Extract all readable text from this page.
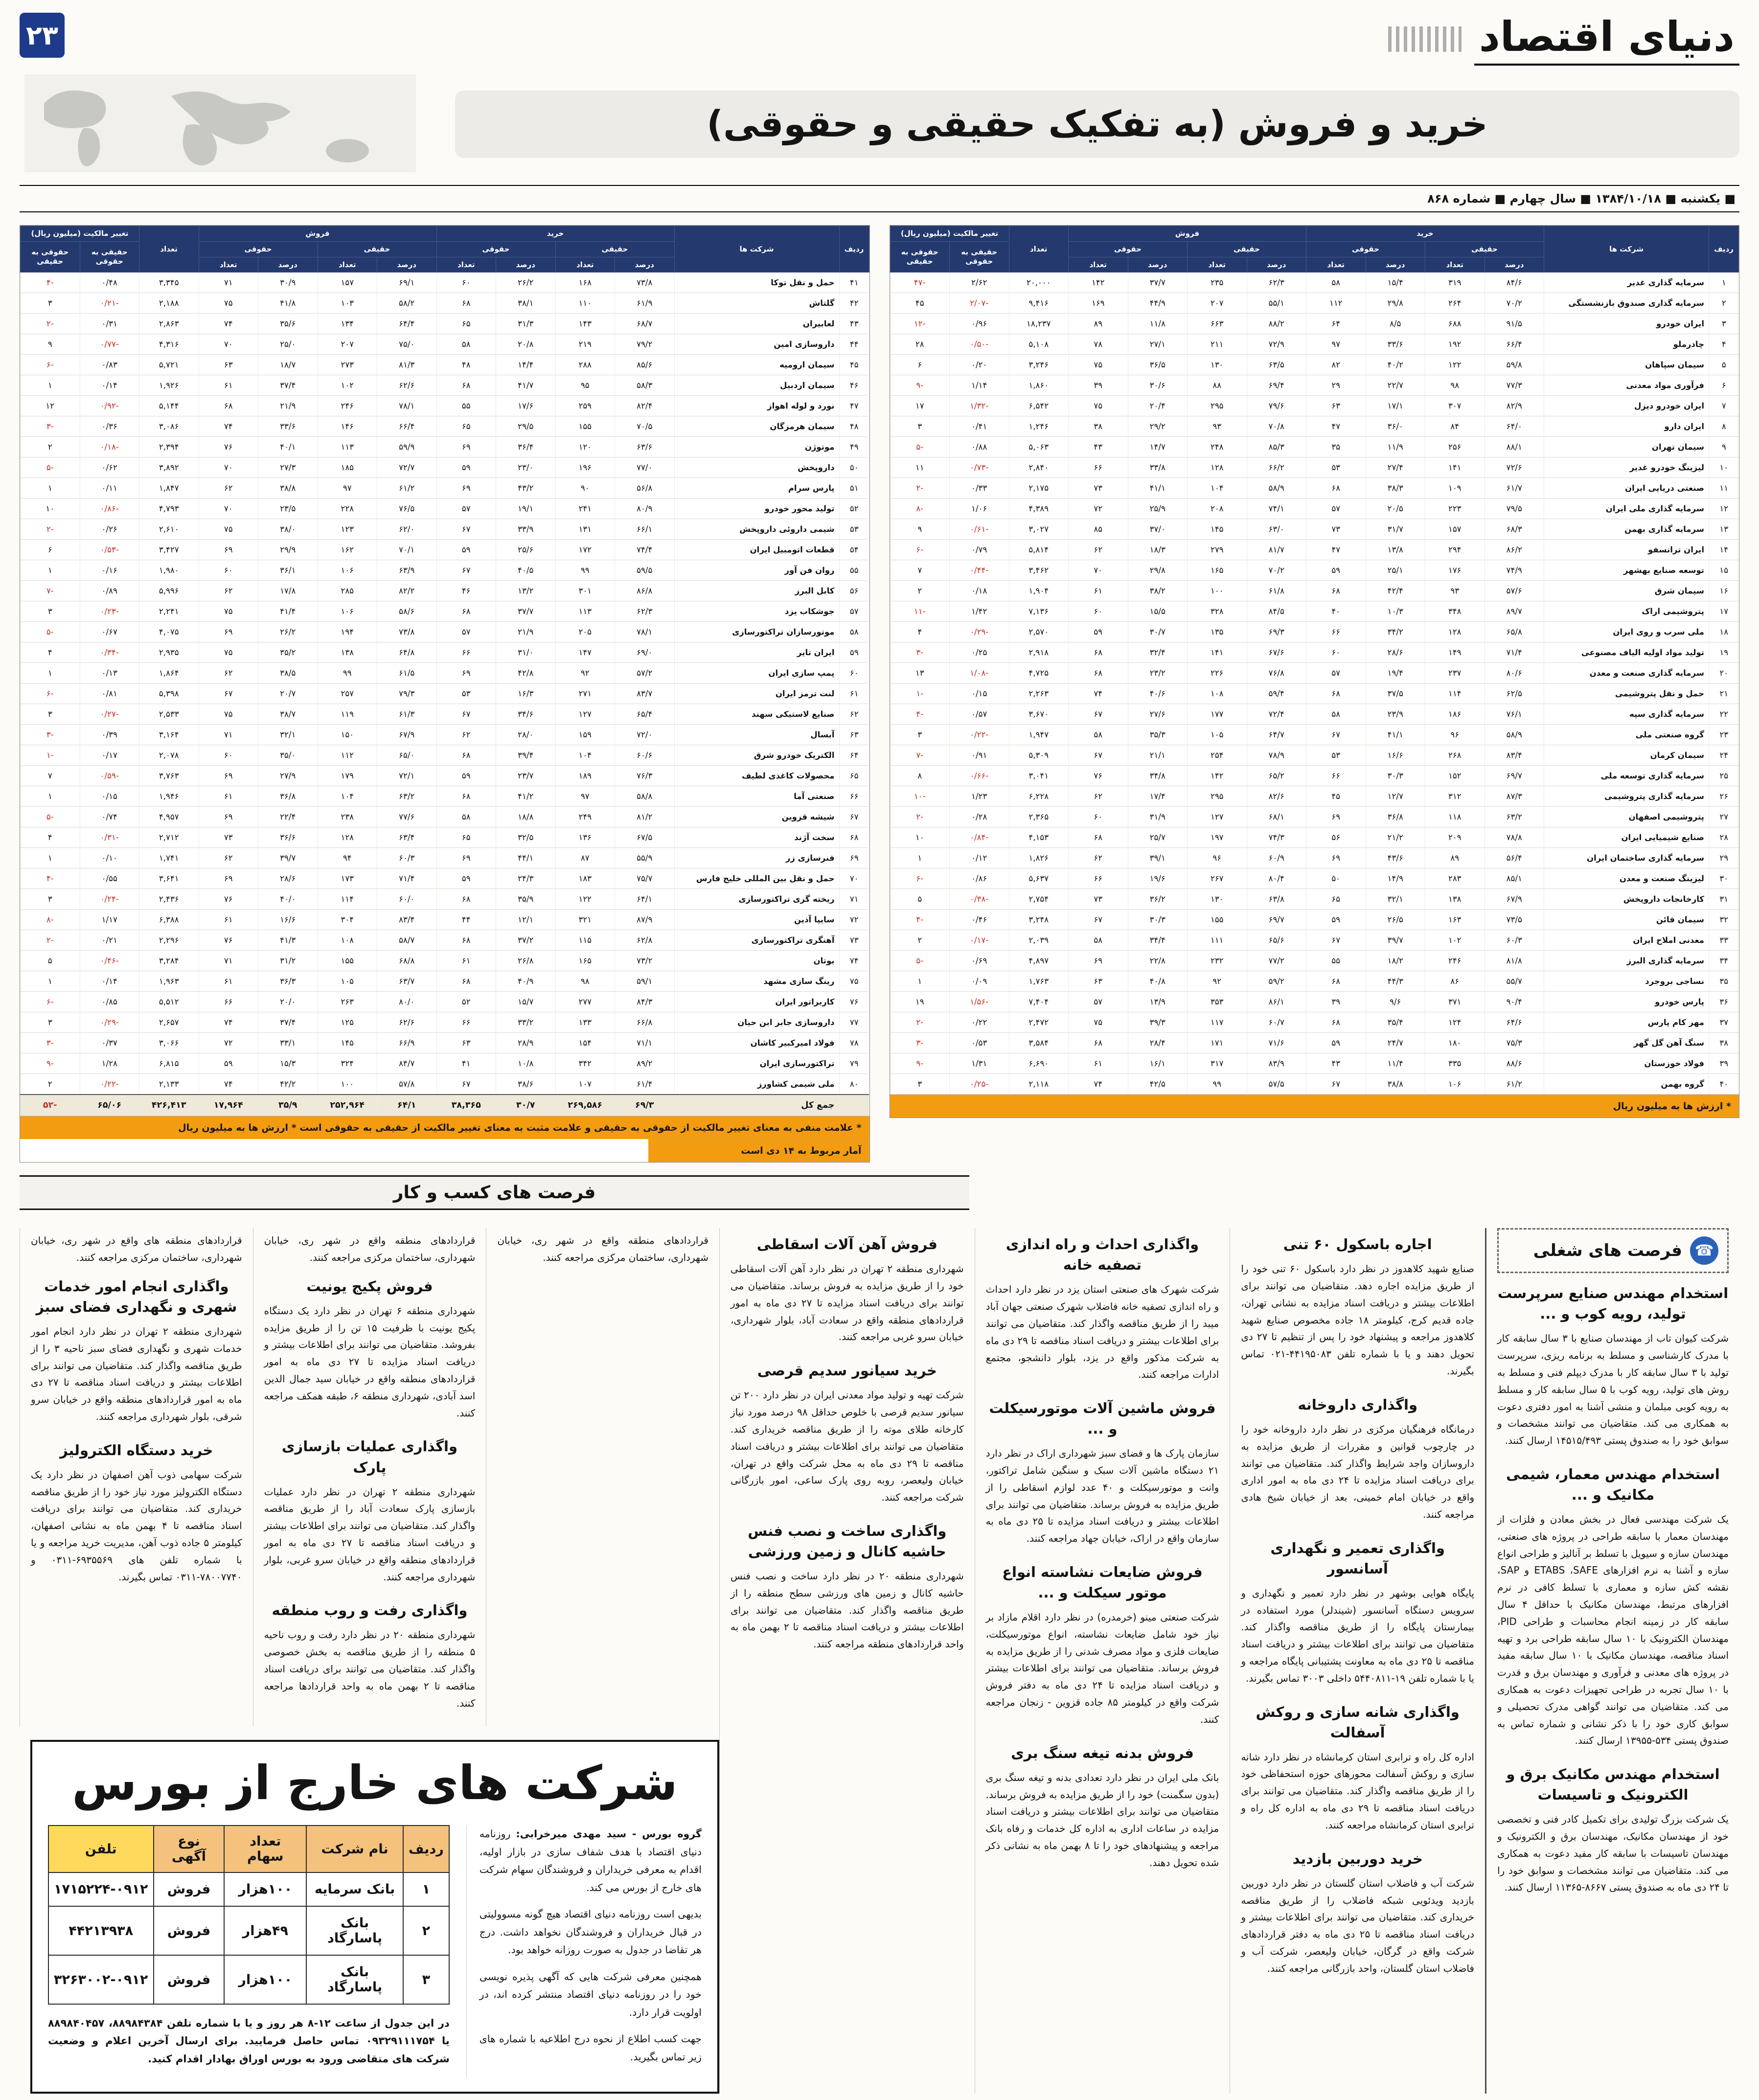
دنیای اقتصاد
۲۳
خرید و فروش (به تفکیک حقیقی و حقوقی)
■ یکشنبه ■ ۱۳۸۴/۱۰/۱۸ ■ سال چهارم ■ شماره ۸۶۸
ردیف	شرکت ها	خرید				فروش				تعداد	تغییر مالکیت (میلیون ریال)	
		حقیقی		حقوقی		حقیقی		حقوقی			حقیقی به حقوقی	حقوقی به حقیقی
		درصد	تعداد	درصد	تعداد	درصد	تعداد	درصد	تعداد			
۱	سرمایه گذاری غدیر	۸۴/۶	۳۱۹	۱۵/۴	۵۸	۶۲/۳	۲۳۵	۳۷/۷	۱۴۲	۲۰,۰۰۰	۲/۶۲	-۴۷
۲	سرمایه گذاری صندوق بازنشستگی	۷۰/۲	۲۶۴	۲۹/۸	۱۱۲	۵۵/۱	۲۰۷	۴۴/۹	۱۶۹	۹,۴۱۶	-۲/۰۷	۴۵
۳	ایران خودرو	۹۱/۵	۶۸۸	۸/۵	۶۴	۸۸/۲	۶۶۳	۱۱/۸	۸۹	۱۸,۲۳۷	۰/۹۶	-۱۲
۴	چادرملو	۶۶/۴	۱۹۲	۳۳/۶	۹۷	۷۲/۹	۲۱۱	۲۷/۱	۷۸	۵,۱۰۸	-۰/۵۰	۲۸
۵	سیمان سپاهان	۵۹/۸	۱۲۲	۴۰/۲	۸۲	۶۳/۵	۱۳۰	۳۶/۵	۷۵	۳,۲۴۶	۰/۲۰	۶
۶	فرآوری مواد معدنی	۷۷/۳	۹۸	۲۲/۷	۲۹	۶۹/۴	۸۸	۳۰/۶	۳۹	۱,۸۶۰	۱/۱۴	-۹
۷	ایران خودرو دیزل	۸۲/۹	۳۰۷	۱۷/۱	۶۳	۷۹/۶	۲۹۵	۲۰/۴	۷۵	۶,۵۴۲	-۱/۳۲	۱۷
۸	ایران دارو	۶۴/۰	۸۴	۳۶/۰	۴۷	۷۰/۸	۹۳	۲۹/۲	۳۸	۱,۲۴۶	۰/۴۱	۳
۹	سیمان تهران	۸۸/۱	۲۵۶	۱۱/۹	۳۵	۸۵/۳	۲۴۸	۱۴/۷	۴۳	۵,۰۶۳	۰/۸۸	-۵
۱۰	لیزینگ خودرو غدیر	۷۲/۶	۱۴۱	۲۷/۴	۵۳	۶۶/۲	۱۲۸	۳۳/۸	۶۶	۲,۸۴۰	-۰/۷۳	۱۱
۱۱	صنعتی دریایی ایران	۶۱/۷	۱۰۹	۳۸/۳	۶۸	۵۸/۹	۱۰۴	۴۱/۱	۷۳	۲,۱۷۵	۰/۳۳	-۲
۱۲	سرمایه گذاری ملی ایران	۷۹/۵	۲۲۳	۲۰/۵	۵۷	۷۴/۱	۲۰۸	۲۵/۹	۷۲	۴,۳۸۹	۱/۰۶	-۸
۱۳	سرمایه گذاری بهمن	۶۸/۳	۱۵۷	۳۱/۷	۷۳	۶۳/۰	۱۴۵	۳۷/۰	۸۵	۳,۰۲۷	-۰/۶۱	۹
۱۴	ایران ترانسفو	۸۶/۲	۲۹۴	۱۳/۸	۴۷	۸۱/۷	۲۷۹	۱۸/۳	۶۲	۵,۸۱۴	۰/۷۹	-۶
۱۵	توسعه صنایع بهشهر	۷۴/۹	۱۷۶	۲۵/۱	۵۹	۷۰/۲	۱۶۵	۲۹/۸	۷۰	۳,۴۶۲	-۰/۴۴	۷
۱۶	سیمان شرق	۵۷/۶	۹۳	۴۲/۴	۶۸	۶۱/۸	۱۰۰	۳۸/۲	۶۱	۱,۹۰۴	۰/۱۸	۲
۱۷	پتروشیمی اراک	۸۹/۷	۳۴۸	۱۰/۳	۴۰	۸۴/۵	۳۲۸	۱۵/۵	۶۰	۷,۱۳۶	۱/۴۲	-۱۱
۱۸	ملی سرب و روی ایران	۶۵/۸	۱۲۸	۳۴/۲	۶۶	۶۹/۳	۱۳۵	۳۰/۷	۵۹	۲,۵۷۰	-۰/۲۹	۴
۱۹	تولید مواد اولیه الیاف مصنوعی	۷۱/۴	۱۴۹	۲۸/۶	۶۰	۶۷/۶	۱۴۱	۳۲/۴	۶۸	۲,۹۱۸	۰/۲۵	-۳
۲۰	سرمایه گذاری صنعت و معدن	۸۰/۶	۲۳۷	۱۹/۴	۵۷	۷۶/۸	۲۲۶	۲۳/۲	۶۸	۴,۷۲۵	-۱/۰۸	۱۳
۲۱	حمل و نقل پتروشیمی	۶۲/۵	۱۱۴	۳۷/۵	۶۸	۵۹/۴	۱۰۸	۴۰/۶	۷۴	۲,۲۶۳	۰/۱۵	-۱
۲۲	سرمایه گذاری سپه	۷۶/۱	۱۸۶	۲۳/۹	۵۸	۷۲/۴	۱۷۷	۲۷/۶	۶۷	۳,۶۷۰	۰/۵۷	-۴
۲۳	گروه صنعتی ملی	۵۸/۹	۹۶	۴۱/۱	۶۷	۶۴/۷	۱۰۵	۳۵/۳	۵۸	۱,۹۴۷	-۰/۲۲	۳
۲۴	سیمان کرمان	۸۳/۴	۲۶۸	۱۶/۶	۵۳	۷۸/۹	۲۵۴	۲۱/۱	۶۷	۵,۳۰۹	۰/۹۱	-۷
۲۵	سرمایه گذاری توسعه ملی	۶۹/۷	۱۵۲	۳۰/۳	۶۶	۶۵/۲	۱۴۲	۳۴/۸	۷۶	۳,۰۴۱	-۰/۶۶	۸
۲۶	سرمایه گذاری پتروشیمی	۸۷/۳	۳۱۲	۱۲/۷	۴۵	۸۲/۶	۲۹۵	۱۷/۴	۶۲	۶,۲۲۸	۱/۲۳	-۱۰
۲۷	پتروشیمی اصفهان	۶۳/۲	۱۱۸	۳۶/۸	۶۹	۶۸/۱	۱۲۷	۳۱/۹	۶۰	۲,۳۶۵	۰/۲۸	-۲
۲۸	صنایع شیمیایی ایران	۷۸/۸	۲۰۹	۲۱/۲	۵۶	۷۴/۳	۱۹۷	۲۵/۷	۶۸	۴,۱۵۳	-۰/۸۴	۱۰
۲۹	سرمایه گذاری ساختمان ایران	۵۶/۴	۸۹	۴۳/۶	۶۹	۶۰/۹	۹۶	۳۹/۱	۶۲	۱,۸۲۶	۰/۱۲	۱
۳۰	لیزینگ صنعت و معدن	۸۵/۱	۲۸۳	۱۴/۹	۵۰	۸۰/۴	۲۶۷	۱۹/۶	۶۶	۵,۶۳۷	۰/۸۶	-۶
۳۱	کارخانجات داروپخش	۶۷/۹	۱۳۸	۳۲/۱	۶۵	۶۳/۸	۱۳۰	۳۶/۲	۷۳	۲,۷۵۴	-۰/۳۸	۵
۳۲	سیمان قائن	۷۳/۵	۱۶۳	۲۶/۵	۵۹	۶۹/۷	۱۵۵	۳۰/۳	۶۷	۳,۲۴۸	۰/۴۶	-۴
۳۳	معدنی املاح ایران	۶۰/۳	۱۰۲	۳۹/۷	۶۷	۶۵/۶	۱۱۱	۳۴/۴	۵۸	۲,۰۳۹	-۰/۱۷	۲
۳۴	سرمایه گذاری البرز	۸۱/۸	۲۴۶	۱۸/۲	۵۵	۷۷/۲	۲۳۲	۲۲/۸	۶۹	۴,۸۹۷	۰/۶۹	-۵
۳۵	نساجی بروجرد	۵۵/۷	۸۶	۴۴/۳	۶۸	۵۹/۲	۹۲	۴۰/۸	۶۳	۱,۷۶۳	۰/۰۹	۱
۳۶	پارس خودرو	۹۰/۴	۳۷۱	۹/۶	۳۹	۸۶/۱	۳۵۳	۱۳/۹	۵۷	۷,۴۰۴	-۱/۵۶	۱۹
۳۷	مهر کام پارس	۶۴/۶	۱۲۴	۳۵/۴	۶۸	۶۰/۷	۱۱۷	۳۹/۳	۷۵	۲,۴۷۲	۰/۲۲	-۲
۳۸	سنگ آهن گل گهر	۷۵/۳	۱۸۰	۲۴/۷	۵۹	۷۱/۶	۱۷۱	۲۸/۴	۶۸	۳,۵۸۴	۰/۵۳	-۳
۳۹	فولاد خوزستان	۸۸/۶	۳۳۵	۱۱/۴	۴۳	۸۳/۹	۳۱۷	۱۶/۱	۶۱	۶,۶۹۰	۱/۳۱	-۹
۴۰	گروه بهمن	۶۱/۲	۱۰۶	۳۸/۸	۶۷	۵۷/۵	۹۹	۴۲/۵	۷۴	۲,۱۱۸	-۰/۲۵	۳
* ارزش ها به میلیون ریال
ردیف	شرکت ها	خرید				فروش				تعداد	تغییر مالکیت (میلیون ریال)	
		حقیقی		حقوقی		حقیقی		حقوقی			حقیقی به حقوقی	حقوقی به حقیقی
		درصد	تعداد	درصد	تعداد	درصد	تعداد	درصد	تعداد			
۴۱	حمل و نقل توکا	۷۳/۸	۱۶۸	۲۶/۲	۶۰	۶۹/۱	۱۵۷	۳۰/۹	۷۱	۳,۳۴۵	۰/۴۸	-۴
۴۲	گلتاش	۶۱/۹	۱۱۰	۳۸/۱	۶۸	۵۸/۲	۱۰۳	۴۱/۸	۷۵	۲,۱۸۸	-۰/۲۱	۳
۴۳	لعابیران	۶۸/۷	۱۴۳	۳۱/۳	۶۵	۶۴/۴	۱۳۴	۳۵/۶	۷۴	۲,۸۶۳	۰/۳۱	-۲
۴۴	داروسازی امین	۷۹/۲	۲۱۹	۲۰/۸	۵۸	۷۵/۰	۲۰۷	۲۵/۰	۷۰	۴,۳۱۶	-۰/۷۷	۹
۴۵	سیمان ارومیه	۸۵/۶	۲۸۸	۱۴/۴	۴۸	۸۱/۳	۲۷۳	۱۸/۷	۶۳	۵,۷۲۱	۰/۸۳	-۶
۴۶	سیمان اردبیل	۵۸/۳	۹۵	۴۱/۷	۶۸	۶۲/۶	۱۰۲	۳۷/۴	۶۱	۱,۹۲۶	۰/۱۴	۱
۴۷	نورد و لوله اهواز	۸۲/۴	۲۵۹	۱۷/۶	۵۵	۷۸/۱	۲۴۶	۲۱/۹	۶۸	۵,۱۴۴	-۰/۹۲	۱۲
۴۸	سیمان هرمزگان	۷۰/۵	۱۵۵	۲۹/۵	۶۵	۶۶/۴	۱۴۶	۳۳/۶	۷۴	۳,۰۸۶	۰/۳۶	-۳
۴۹	موتوژن	۶۳/۶	۱۲۰	۳۶/۴	۶۹	۵۹/۹	۱۱۳	۴۰/۱	۷۶	۲,۳۹۴	-۰/۱۸	۲
۵۰	داروپخش	۷۷/۰	۱۹۶	۲۳/۰	۵۹	۷۲/۷	۱۸۵	۲۷/۳	۷۰	۳,۸۹۲	۰/۶۲	-۵
۵۱	پارس سرام	۵۶/۸	۹۰	۴۳/۲	۶۹	۶۱/۲	۹۷	۳۸/۸	۶۲	۱,۸۴۷	۰/۱۱	۱
۵۲	تولید محور خودرو	۸۰/۹	۲۴۱	۱۹/۱	۵۷	۷۶/۵	۲۲۸	۲۳/۵	۷۰	۴,۷۹۳	-۰/۸۶	۱۰
۵۳	شیمی داروئی داروپخش	۶۶/۱	۱۳۱	۳۳/۹	۶۷	۶۲/۰	۱۲۳	۳۸/۰	۷۵	۲,۶۱۰	۰/۲۶	-۲
۵۴	قطعات اتومبیل ایران	۷۴/۴	۱۷۲	۲۵/۶	۵۹	۷۰/۱	۱۶۲	۲۹/۹	۶۹	۳,۴۲۷	-۰/۵۳	۶
۵۵	روان فن آور	۵۹/۵	۹۹	۴۰/۵	۶۷	۶۳/۹	۱۰۶	۳۶/۱	۶۰	۱,۹۸۰	۰/۱۶	۱
۵۶	کابل البرز	۸۶/۸	۳۰۱	۱۳/۲	۴۶	۸۲/۲	۲۸۵	۱۷/۸	۶۲	۵,۹۹۶	۰/۸۹	-۷
۵۷	جوشکاب یزد	۶۲/۳	۱۱۳	۳۷/۷	۶۸	۵۸/۶	۱۰۶	۴۱/۴	۷۵	۲,۲۴۱	-۰/۲۳	۳
۵۸	موتورسازان تراکتورسازی	۷۸/۱	۲۰۵	۲۱/۹	۵۷	۷۳/۸	۱۹۴	۲۶/۲	۶۹	۴,۰۷۵	۰/۶۷	-۵
۵۹	ایران تایر	۶۹/۰	۱۴۷	۳۱/۰	۶۶	۶۴/۸	۱۳۸	۳۵/۲	۷۵	۲,۹۳۵	-۰/۳۴	۴
۶۰	پمپ سازی ایران	۵۷/۲	۹۲	۴۲/۸	۶۹	۶۱/۵	۹۹	۳۸/۵	۶۲	۱,۸۶۴	۰/۱۳	۱
۶۱	لنت ترمز ایران	۸۳/۷	۲۷۱	۱۶/۳	۵۳	۷۹/۳	۲۵۷	۲۰/۷	۶۷	۵,۳۹۸	۰/۸۱	-۶
۶۲	صنایع لاستیکی سهند	۶۵/۴	۱۲۷	۳۴/۶	۶۷	۶۱/۳	۱۱۹	۳۸/۷	۷۵	۲,۵۳۳	-۰/۲۷	۳
۶۳	آبسال	۷۲/۰	۱۵۹	۲۸/۰	۶۲	۶۷/۹	۱۵۰	۳۲/۱	۷۱	۳,۱۶۴	۰/۳۹	-۳
۶۴	الکتریک خودرو شرق	۶۰/۶	۱۰۴	۳۹/۴	۶۸	۶۵/۰	۱۱۲	۳۵/۰	۶۰	۲,۰۷۸	۰/۱۷	-۱
۶۵	محصولات کاغذی لطیف	۷۶/۳	۱۸۹	۲۳/۷	۵۹	۷۲/۱	۱۷۹	۲۷/۹	۶۹	۳,۷۶۳	-۰/۵۹	۷
۶۶	صنعتی آما	۵۸/۸	۹۷	۴۱/۲	۶۸	۶۳/۲	۱۰۴	۳۶/۸	۶۱	۱,۹۴۶	۰/۱۵	۱
۶۷	شیشه قزوین	۸۱/۲	۲۴۹	۱۸/۸	۵۸	۷۷/۶	۲۳۸	۲۲/۴	۶۹	۴,۹۵۷	۰/۷۴	-۵
۶۸	سخت آژند	۶۷/۵	۱۳۶	۳۲/۵	۶۵	۶۳/۴	۱۲۸	۳۶/۶	۷۳	۲,۷۱۲	-۰/۳۱	۴
۶۹	فنرسازی زر	۵۵/۹	۸۷	۴۴/۱	۶۹	۶۰/۳	۹۴	۳۹/۷	۶۲	۱,۷۴۱	۰/۱۰	۱
۷۰	حمل و نقل بین المللی خلیج فارس	۷۵/۷	۱۸۳	۲۴/۳	۵۹	۷۱/۴	۱۷۳	۲۸/۶	۶۹	۳,۶۴۱	۰/۵۵	-۴
۷۱	ریخته گری تراکتورسازی	۶۴/۱	۱۲۲	۳۵/۹	۶۸	۶۰/۰	۱۱۴	۴۰/۰	۷۶	۲,۴۳۶	-۰/۲۴	۳
۷۲	سایپا آذین	۸۷/۹	۳۲۱	۱۲/۱	۴۴	۸۳/۴	۳۰۴	۱۶/۶	۶۱	۶,۳۸۸	۱/۱۷	-۸
۷۳	آهنگری تراکتورسازی	۶۲/۸	۱۱۵	۳۷/۲	۶۸	۵۸/۷	۱۰۸	۴۱/۳	۷۶	۲,۲۹۶	۰/۲۱	-۲
۷۴	بوتان	۷۳/۲	۱۶۵	۲۶/۸	۶۱	۶۸/۸	۱۵۵	۳۱/۲	۷۱	۳,۲۸۴	-۰/۴۶	۵
۷۵	رینگ سازی مشهد	۵۹/۱	۹۸	۴۰/۹	۶۸	۶۳/۷	۱۰۵	۳۶/۳	۶۱	۱,۹۶۳	۰/۱۴	۱
۷۶	کاربراتور ایران	۸۴/۳	۲۷۷	۱۵/۷	۵۲	۸۰/۰	۲۶۳	۲۰/۰	۶۶	۵,۵۱۲	۰/۸۵	-۶
۷۷	داروسازی جابر ابن حیان	۶۶/۸	۱۳۳	۳۳/۲	۶۶	۶۲/۶	۱۲۵	۳۷/۴	۷۴	۲,۶۵۷	-۰/۲۹	۳
۷۸	فولاد امیرکبیر کاشان	۷۱/۱	۱۵۴	۲۸/۹	۶۳	۶۶/۹	۱۴۵	۳۳/۱	۷۲	۳,۰۶۶	۰/۳۷	-۳
۷۹	تراکتورسازی ایران	۸۹/۲	۳۴۲	۱۰/۸	۴۱	۸۴/۷	۳۲۴	۱۵/۳	۵۹	۶,۸۱۵	۱/۲۸	-۹
۸۰	ملی شیمی کشاورز	۶۱/۴	۱۰۷	۳۸/۶	۶۷	۵۷/۸	۱۰۰	۴۲/۲	۷۴	۲,۱۳۳	-۰/۲۲	۲
	جمع کل	۶۹/۳	۲۶۹,۵۸۶	۳۰/۷	۳۸,۳۶۵	۶۴/۱	۲۵۲,۹۶۴	۳۵/۹	۱۷,۹۶۴	۴۲۶,۴۱۳	۶۵/۰۶	-۵۲
* علامت منفی به معنای تغییر مالکیت از حقوقی به حقیقی و علامت مثبت به معنای تغییر مالکیت از حقیقی به حقوقی است * ارزش ها به میلیون ریال
آمار مربوط به ۱۴ دی است
فرصت های کسب و کار
☎
فرصت های شغلی
استخدام مهندس صنایع سرپرست تولید، رویه کوب و ...

شرکت کیوان تاب از مهندسان صنایع با ۳ سال سابقه کار با مدرک کارشناسی و مسلط به برنامه ریزی، سرپرست تولید با ۳ سال سابقه کار با مدرک دیپلم فنی و مسلط به روش های تولید، رویه کوب با ۵ سال سابقه کار و مسلط به رویه کوبی مبلمان و منشی آشنا به امور دفتری دعوت به همکاری می کند. متقاضیان می توانند مشخصات و سوابق خود را به صندوق پستی ۱۴۵۱۵/۴۹۳ ارسال کنند.

استخدام مهندس معمار، شیمی مکانیک و ...

یک شرکت مهندسی فعال در بخش معادن و فلزات از مهندسان معمار با سابقه طراحی در پروژه های صنعتی، مهندسان سازه و سیویل با تسلط بر آنالیز و طراحی انواع سازه و آشنا به نرم افزارهای ETABS ،SAFE و SAP، نقشه کش سازه و معماری با تسلط کافی در نرم افزارهای مرتبط، مهندسان مکانیک با حداقل ۴ سال سابقه کار در زمینه انجام محاسبات و طراحی PID، مهندسان الکترونیک با ۱۰ سال سابقه طراحی برد و تهیه اسناد مناقصه، مهندسان مکانیک با ۱۰ سال سابقه مفید در پروژه های معدنی و فرآوری و مهندسان برق و قدرت با ۱۰ سال تجربه در طراحی تجهیزات دعوت به همکاری می کند. متقاضیان می توانند گواهی مدرک تحصیلی و سوابق کاری خود را با ذکر نشانی و شماره تماس به صندوق پستی ۵۳۴-۱۳۹۵۵ ارسال کنند.

استخدام مهندس مکانیک برق و الکترونیک و تاسیسات

یک شرکت بزرگ تولیدی برای تکمیل کادر فنی و تخصصی خود از مهندسان مکانیک، مهندسان برق و الکترونیک و مهندسان تاسیسات با سابقه کار مفید دعوت به همکاری می کند. متقاضیان می توانند مشخصات و سوابق خود را تا ۲۴ دی ماه به صندوق پستی ۸۶۶۷-۱۱۳۶۵ ارسال کنند.

اجاره باسکول ۶۰ تنی

صنایع شهید کلاهدوز در نظر دارد باسکول ۶۰ تنی خود را از طریق مزایده اجاره دهد. متقاضیان می توانند برای اطلاعات بیشتر و دریافت اسناد مزایده به نشانی تهران، جاده قدیم کرج، کیلومتر ۱۸ جاده مخصوص صنایع شهید کلاهدوز مراجعه و پیشنهاد خود را پس از تنظیم تا ۲۷ دی تحویل دهند و یا با شماره تلفن ۴۴۱۹۵۰۸۳-۰۲۱ تماس بگیرند.

واگذاری داروخانه

درمانگاه فرهنگیان مرکزی در نظر دارد داروخانه خود را در چارچوب قوانین و مقررات از طریق مزایده به داروسازان واجد شرایط واگذار کند. متقاضیان می توانند برای دریافت اسناد مزایده تا ۲۴ دی ماه به امور اداری واقع در خیابان امام خمینی، بعد از خیابان شیخ هادی مراجعه کنند.

واگذاری تعمیر و نگهداری آسانسور

پایگاه هوایی بوشهر در نظر دارد تعمیر و نگهداری و سرویس دستگاه آسانسور (شیندلر) مورد استفاده در بیمارستان پایگاه را از طریق مناقصه واگذار کند. متقاضیان می توانند برای اطلاعات بیشتر و دریافت اسناد مناقصه تا ۲۵ دی ماه به معاونت پشتیبانی پایگاه مراجعه و یا با شماره تلفن ۱۹-۵۴۴۰۸۱۱ داخلی ۳۰۰۳ تماس بگیرند.

واگذاری شانه سازی و روکش آسفالت

اداره کل راه و ترابری استان کرمانشاه در نظر دارد شانه سازی و روکش آسفالت محورهای حوزه استحفاظی خود را از طریق مناقصه واگذار کند. متقاضیان می توانند برای دریافت اسناد مناقصه تا ۲۹ دی ماه به اداره کل راه و ترابری استان کرمانشاه مراجعه کنند.

خرید دوربین بازدید

شرکت آب و فاضلاب استان گلستان در نظر دارد دوربین بازدید ویدئویی شبکه فاضلاب را از طریق مناقصه خریداری کند. متقاضیان می توانند برای اطلاعات بیشتر و دریافت اسناد مناقصه تا ۲۵ دی ماه به دفتر قراردادهای شرکت واقع در گرگان، خیابان ولیعصر، شرکت آب و فاضلاب استان گلستان، واحد بازرگانی مراجعه کنند.

واگذاری احداث و راه اندازی تصفیه خانه

شرکت شهرک های صنعتی استان یزد در نظر دارد احداث و راه اندازی تصفیه خانه فاضلاب شهرک صنعتی جهان آباد میبد را از طریق مناقصه واگذار کند. متقاضیان می توانند برای اطلاعات بیشتر و دریافت اسناد مناقصه تا ۲۹ دی ماه به شرکت مذکور واقع در یزد، بلوار دانشجو، مجتمع ادارات مراجعه کنند.

فروش ماشین آلات موتورسیکلت و ...

سازمان پارک ها و فضای سبز شهرداری اراک در نظر دارد ۲۱ دستگاه ماشین آلات سبک و سنگین شامل تراکتور، وانت و موتورسیکلت و ۴۰ عدد لوازم اسقاطی را از طریق مزایده به فروش برساند. متقاضیان می توانند برای اطلاعات بیشتر و دریافت اسناد مزایده تا ۲۵ دی ماه به سازمان واقع در اراک، خیابان جهاد مراجعه کنند.

فروش ضایعات نشاسته انواع موتور سیکلت و ...

شرکت صنعتی مینو (خرمدره) در نظر دارد اقلام مازاد بر نیاز خود شامل ضایعات نشاسته، انواع موتورسیکلت، ضایعات فلزی و مواد مصرف شدنی را از طریق مزایده به فروش برساند. متقاضیان می توانند برای اطلاعات بیشتر و دریافت اسناد مزایده تا ۲۴ دی ماه به دفتر فروش شرکت واقع در کیلومتر ۸۵ جاده قزوین - زنجان مراجعه کنند.

فروش بدنه تیغه سنگ بری

بانک ملی ایران در نظر دارد تعدادی بدنه و تیغه سنگ بری (بدون سگمنت) خود را از طریق مزایده به فروش برساند. متقاضیان می توانند برای اطلاعات بیشتر و دریافت اسناد مزایده در ساعات اداری به اداره کل خدمات و رفاه بانک مراجعه و پیشنهادهای خود را تا ۸ بهمن ماه به نشانی ذکر شده تحویل دهند.

فروش آهن آلات اسقاطی

شهرداری منطقه ۲ تهران در نظر دارد آهن آلات اسقاطی خود را از طریق مزایده به فروش برساند. متقاضیان می توانند برای دریافت اسناد مزایده تا ۲۷ دی ماه به امور قراردادهای منطقه واقع در سعادت آباد، بلوار شهرداری، خیابان سرو غربی مراجعه کنند.

خرید سیانور سدیم قرصی

شرکت تهیه و تولید مواد معدنی ایران در نظر دارد ۲۰۰ تن سیانور سدیم قرصی با خلوص حداقل ۹۸ درصد مورد نیاز کارخانه طلای موته را از طریق مناقصه خریداری کند. متقاضیان می توانند برای اطلاعات بیشتر و دریافت اسناد مناقصه تا ۲۹ دی ماه به محل شرکت واقع در تهران، خیابان ولیعصر، روبه روی پارک ساعی، امور بازرگانی شرکت مراجعه کنند.

واگذاری ساخت و نصب فنس حاشیه کانال و زمین ورزشی

شهرداری منطقه ۲۰ در نظر دارد ساخت و نصب فنس حاشیه کانال و زمین های ورزشی سطح منطقه را از طریق مناقصه واگذار کند. متقاضیان می توانند برای اطلاعات بیشتر و دریافت اسناد مناقصه تا ۲ بهمن ماه به واحد قراردادهای منطقه مراجعه کنند.

قراردادهای منطقه واقع در شهر ری، خیابان شهرداری، ساختمان مرکزی مراجعه کنند.

قراردادهای منطقه واقع در شهر ری، خیابان شهرداری، ساختمان مرکزی مراجعه کنند.

فروش پکیج یونیت

شهرداری منطقه ۶ تهران در نظر دارد یک دستگاه پکیج یونیت با ظرفیت ۱۵ تن را از طریق مزایده بفروشد. متقاضیان می توانند برای اطلاعات بیشتر و دریافت اسناد مزایده تا ۲۷ دی ماه به امور قراردادهای منطقه واقع در خیابان سید جمال الدین اسد آبادی، شهرداری منطقه ۶، طبقه همکف مراجعه کنند.

واگذاری عملیات بازسازی پارک

شهرداری منطقه ۲ تهران در نظر دارد عملیات بازسازی پارک سعادت آباد را از طریق مناقصه واگذار کند. متقاضیان می توانند برای اطلاعات بیشتر و دریافت اسناد مناقصه تا ۲۷ دی ماه به امور قراردادهای منطقه واقع در خیابان سرو غربی، بلوار شهرداری مراجعه کنند.

واگذاری رفت و روب منطقه

شهرداری منطقه ۲۰ در نظر دارد رفت و روب ناحیه ۵ منطقه را از طریق مناقصه به بخش خصوصی واگذار کند. متقاضیان می توانند برای دریافت اسناد مناقصه تا ۲ بهمن ماه به واحد قراردادها مراجعه کنند.

قراردادهای منطقه های واقع در شهر ری، خیابان شهرداری، ساختمان مرکزی مراجعه کنند.

واگذاری انجام امور خدمات شهری و نگهداری فضای سبز

شهرداری منطقه ۲ تهران در نظر دارد انجام امور خدمات شهری و نگهداری فضای سبز ناحیه ۳ را از طریق مناقصه واگذار کند. متقاضیان می توانند برای اطلاعات بیشتر و دریافت اسناد مناقصه تا ۲۷ دی ماه به امور قراردادهای منطقه واقع در خیابان سرو شرقی، بلوار شهرداری مراجعه کنند.

خرید دستگاه الکترولیز

شرکت سهامی ذوب آهن اصفهان در نظر دارد یک دستگاه الکترولیز مورد نیاز خود را از طریق مناقصه خریداری کند. متقاضیان می توانند برای دریافت اسناد مناقصه تا ۴ بهمن ماه به نشانی اصفهان، کیلومتر ۵ جاده ذوب آهن، مدیریت خرید مراجعه و یا با شماره تلفن های ۶۹۳۵۵۶۹-۰۳۱۱ و ۷۸۰۰۷۷۴۰-۰۳۱۱ تماس بگیرند.

شرکت های خارج از بورس

گروه بورس - سید مهدی میرخرابی: روزنامه دنیای اقتصاد با هدف شفاف سازی در بازار اولیه، اقدام به معرفی خریداران و فروشندگان سهام شرکت های خارج از بورس می کند.

بدیهی است روزنامه دنیای اقتصاد هیچ گونه مسوولیتی در قبال خریداران و فروشندگان نخواهد داشت. درج هر تقاضا در جدول به صورت روزانه خواهد بود.

همچنین معرفی شرکت هایی که آگهی پذیره نویسی خود را در روزنامه دنیای اقتصاد منتشر کرده اند، در اولویت قرار دارد.

جهت کسب اطلاع از نحوه درج اطلاعیه با شماره های زیر تماس بگیرید.

ردیف	نام شرکت	تعداد سهام	نوع آگهی	تلفن
۱	بانک سرمایه	۱۰۰هزار	فروش	۱۷۱۵۲۲۴-۰۹۱۲
۲	بانک پاسارگاد	۴۹هزار	فروش	۴۴۲۱۳۹۳۸
۳	بانک پاسارگاد	۱۰۰هزار	فروش	۳۲۶۳۰۰۲-۰۹۱۲

در این جدول از ساعت ۱۲-۸ هر روز و یا با شماره تلفن ۸۸۹۸۴۳۸۴، ۸۸۹۸۴۰۴۵۷ یا ۰۹۳۲۹۱۱۱۷۵۴ تماس حاصل فرمایید. برای ارسال آخرین اعلام و وضعیت شرکت های متقاضی ورود به بورس اوراق بهادار اقدام کنید.
